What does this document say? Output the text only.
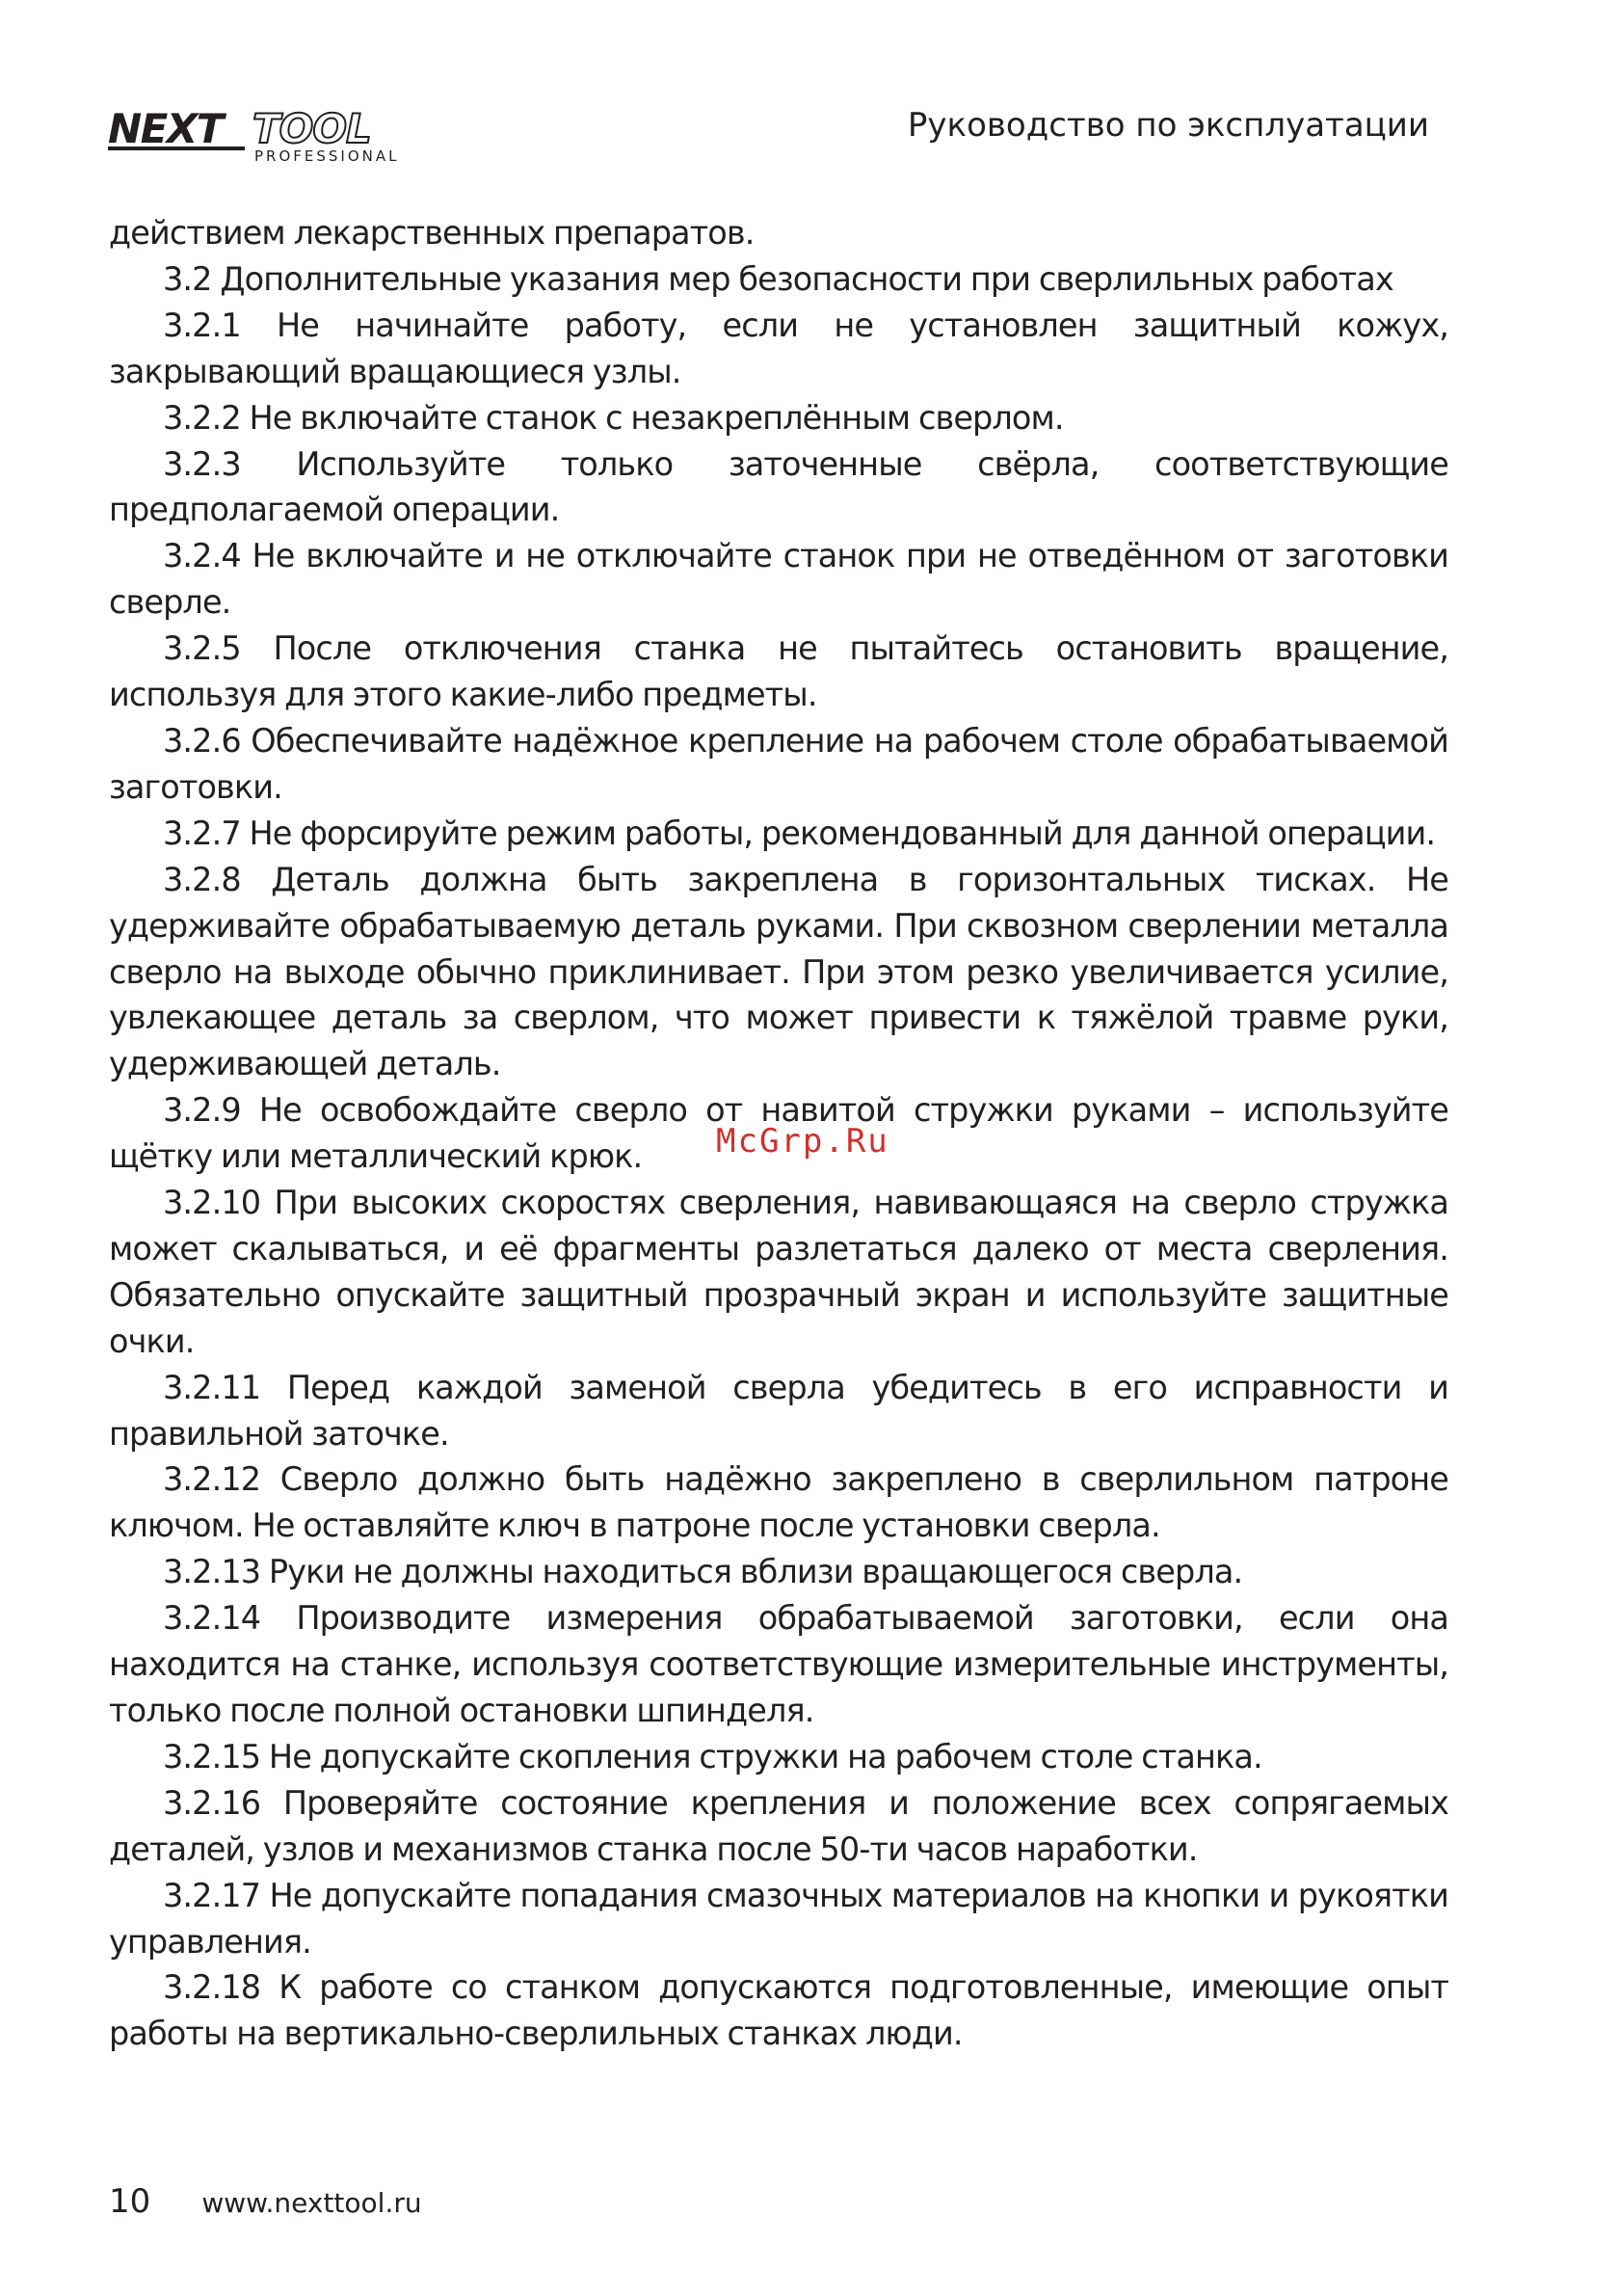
NEXT TOOL
PROFESSIONAL
Руководство по эксплуатации

действием лекарственных препаратов.

3.2 Дополнительные указания мер безопасности при сверлильных работах

3.2.1 Не начинайте работу, если не установлен защитный кожух, закрывающий вращающиеся узлы.

3.2.2 Не включайте станок с незакреплённым сверлом.

3.2.3 Используйте только заточенные свёрла, соответствующие предполагаемой операции.

3.2.4 Не включайте и не отключайте станок при не отведённом от заготовки сверле.

3.2.5 После отключения станка не пытайтесь остановить вращение, используя для этого какие-либо предметы.

3.2.6 Обеспечивайте надёжное крепление на рабочем столе обрабатываемой заготовки.

3.2.7 Не форсируйте режим работы, рекомендованный для данной операции.

3.2.8 Деталь должна быть закреплена в горизонтальных тисках. Не удерживайте обрабатываемую деталь руками. При сквозном сверлении металла сверло на выходе обычно приклинивает. При этом резко увеличивается усилие, увлекающее деталь за сверлом, что может привести к тяжёлой травме руки, удерживающей деталь.

3.2.9 Не освобождайте сверло от навитой стружки руками – используйте щётку или металлический крюк.

3.2.10 При высоких скоростях сверления, навивающаяся на сверло стружка может скалываться, и её фрагменты разлетаться далеко от места сверления. Обязательно опускайте защитный прозрачный экран и используйте защитные очки.

3.2.11 Перед каждой заменой сверла убедитесь в его исправности и правильной заточке.

3.2.12 Сверло должно быть надёжно закреплено в сверлильном патроне ключом. Не оставляйте ключ в патроне после установки сверла.

3.2.13 Руки не должны находиться вблизи вращающегося сверла.

3.2.14 Производите измерения обрабатываемой заготовки, если она находится на станке, используя соответствующие измерительные инструменты, только после полной остановки шпинделя.

3.2.15 Не допускайте скопления стружки на рабочем столе станка.

3.2.16 Проверяйте состояние крепления и положение всех сопрягаемых деталей, узлов и механизмов станка после 50-ти часов наработки.

3.2.17 Не допускайте попадания смазочных материалов на кнопки и рукоятки управления.

3.2.18 К работе со станком допускаются подготовленные, имеющие опыт работы на вертикально-сверлильных станках люди.

McGrp.Ru
10 www.nexttool.ru
